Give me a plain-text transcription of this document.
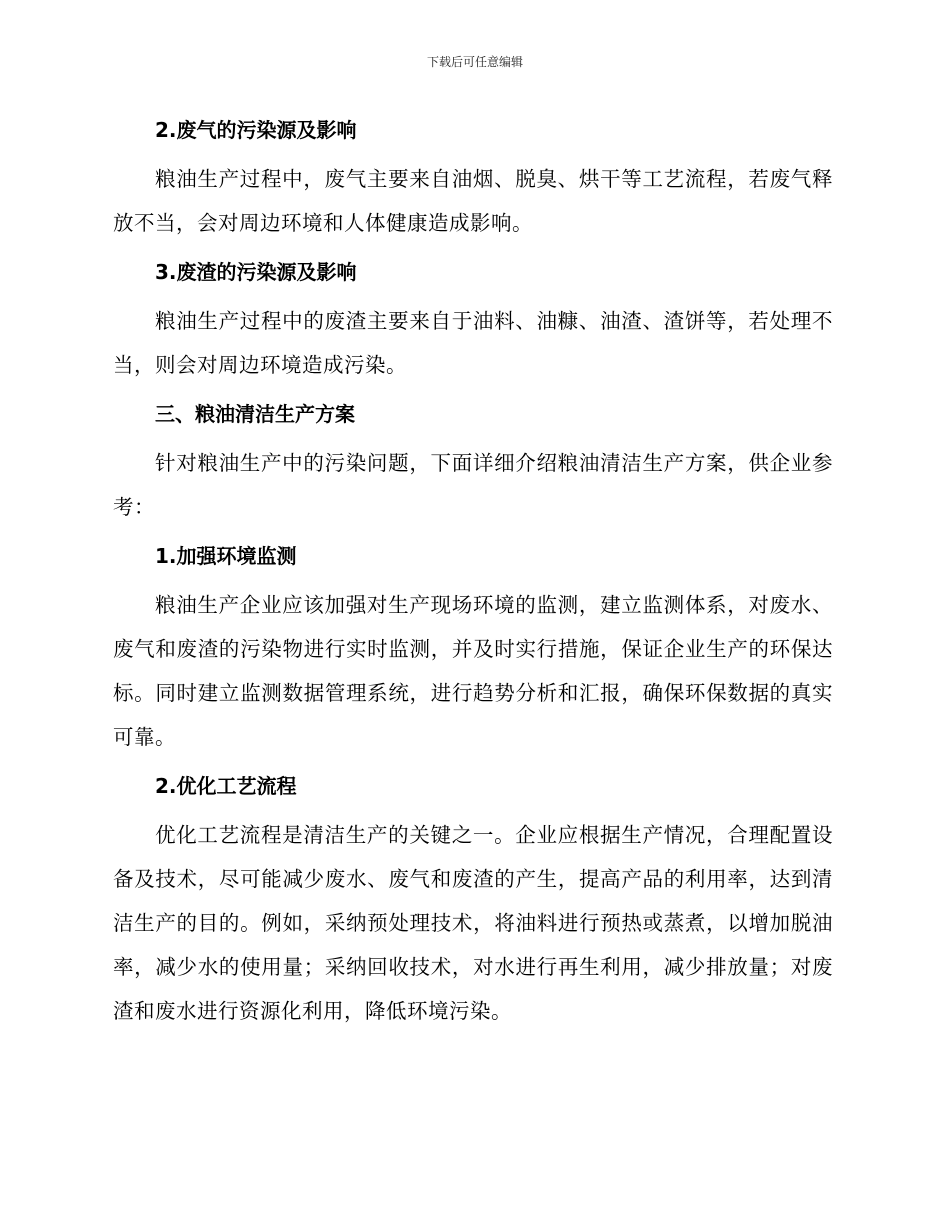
下载后可任意编辑
2.废气的污染源及影响

粮油生产过程中，废气主要来自油烟、脱臭、烘干等工艺流程，若废气释放不当，会对周边环境和人体健康造成影响。

3.废渣的污染源及影响

粮油生产过程中的废渣主要来自于油料、油糠、油渣、渣饼等，若处理不当，则会对周边环境造成污染。

三、粮油清洁生产方案

针对粮油生产中的污染问题，下面详细介绍粮油清洁生产方案，供企业参考：

1.加强环境监测

粮油生产企业应该加强对生产现场环境的监测，建立监测体系，对废水、废气和废渣的污染物进行实时监测，并及时实行措施，保证企业生产的环保达标。同时建立监测数据管理系统，进行趋势分析和汇报，确保环保数据的真实可靠。

2.优化工艺流程

优化工艺流程是清洁生产的关键之一。企业应根据生产情况，合理配置设备及技术，尽可能减少废水、废气和废渣的产生，提高产品的利用率，达到清洁生产的目的。例如，采纳预处理技术，将油料进行预热或蒸煮，以增加脱油率，减少水的使用量；采纳回收技术，对水进行再生利用，减少排放量；对废渣和废水进行资源化利用，降低环境污染。
